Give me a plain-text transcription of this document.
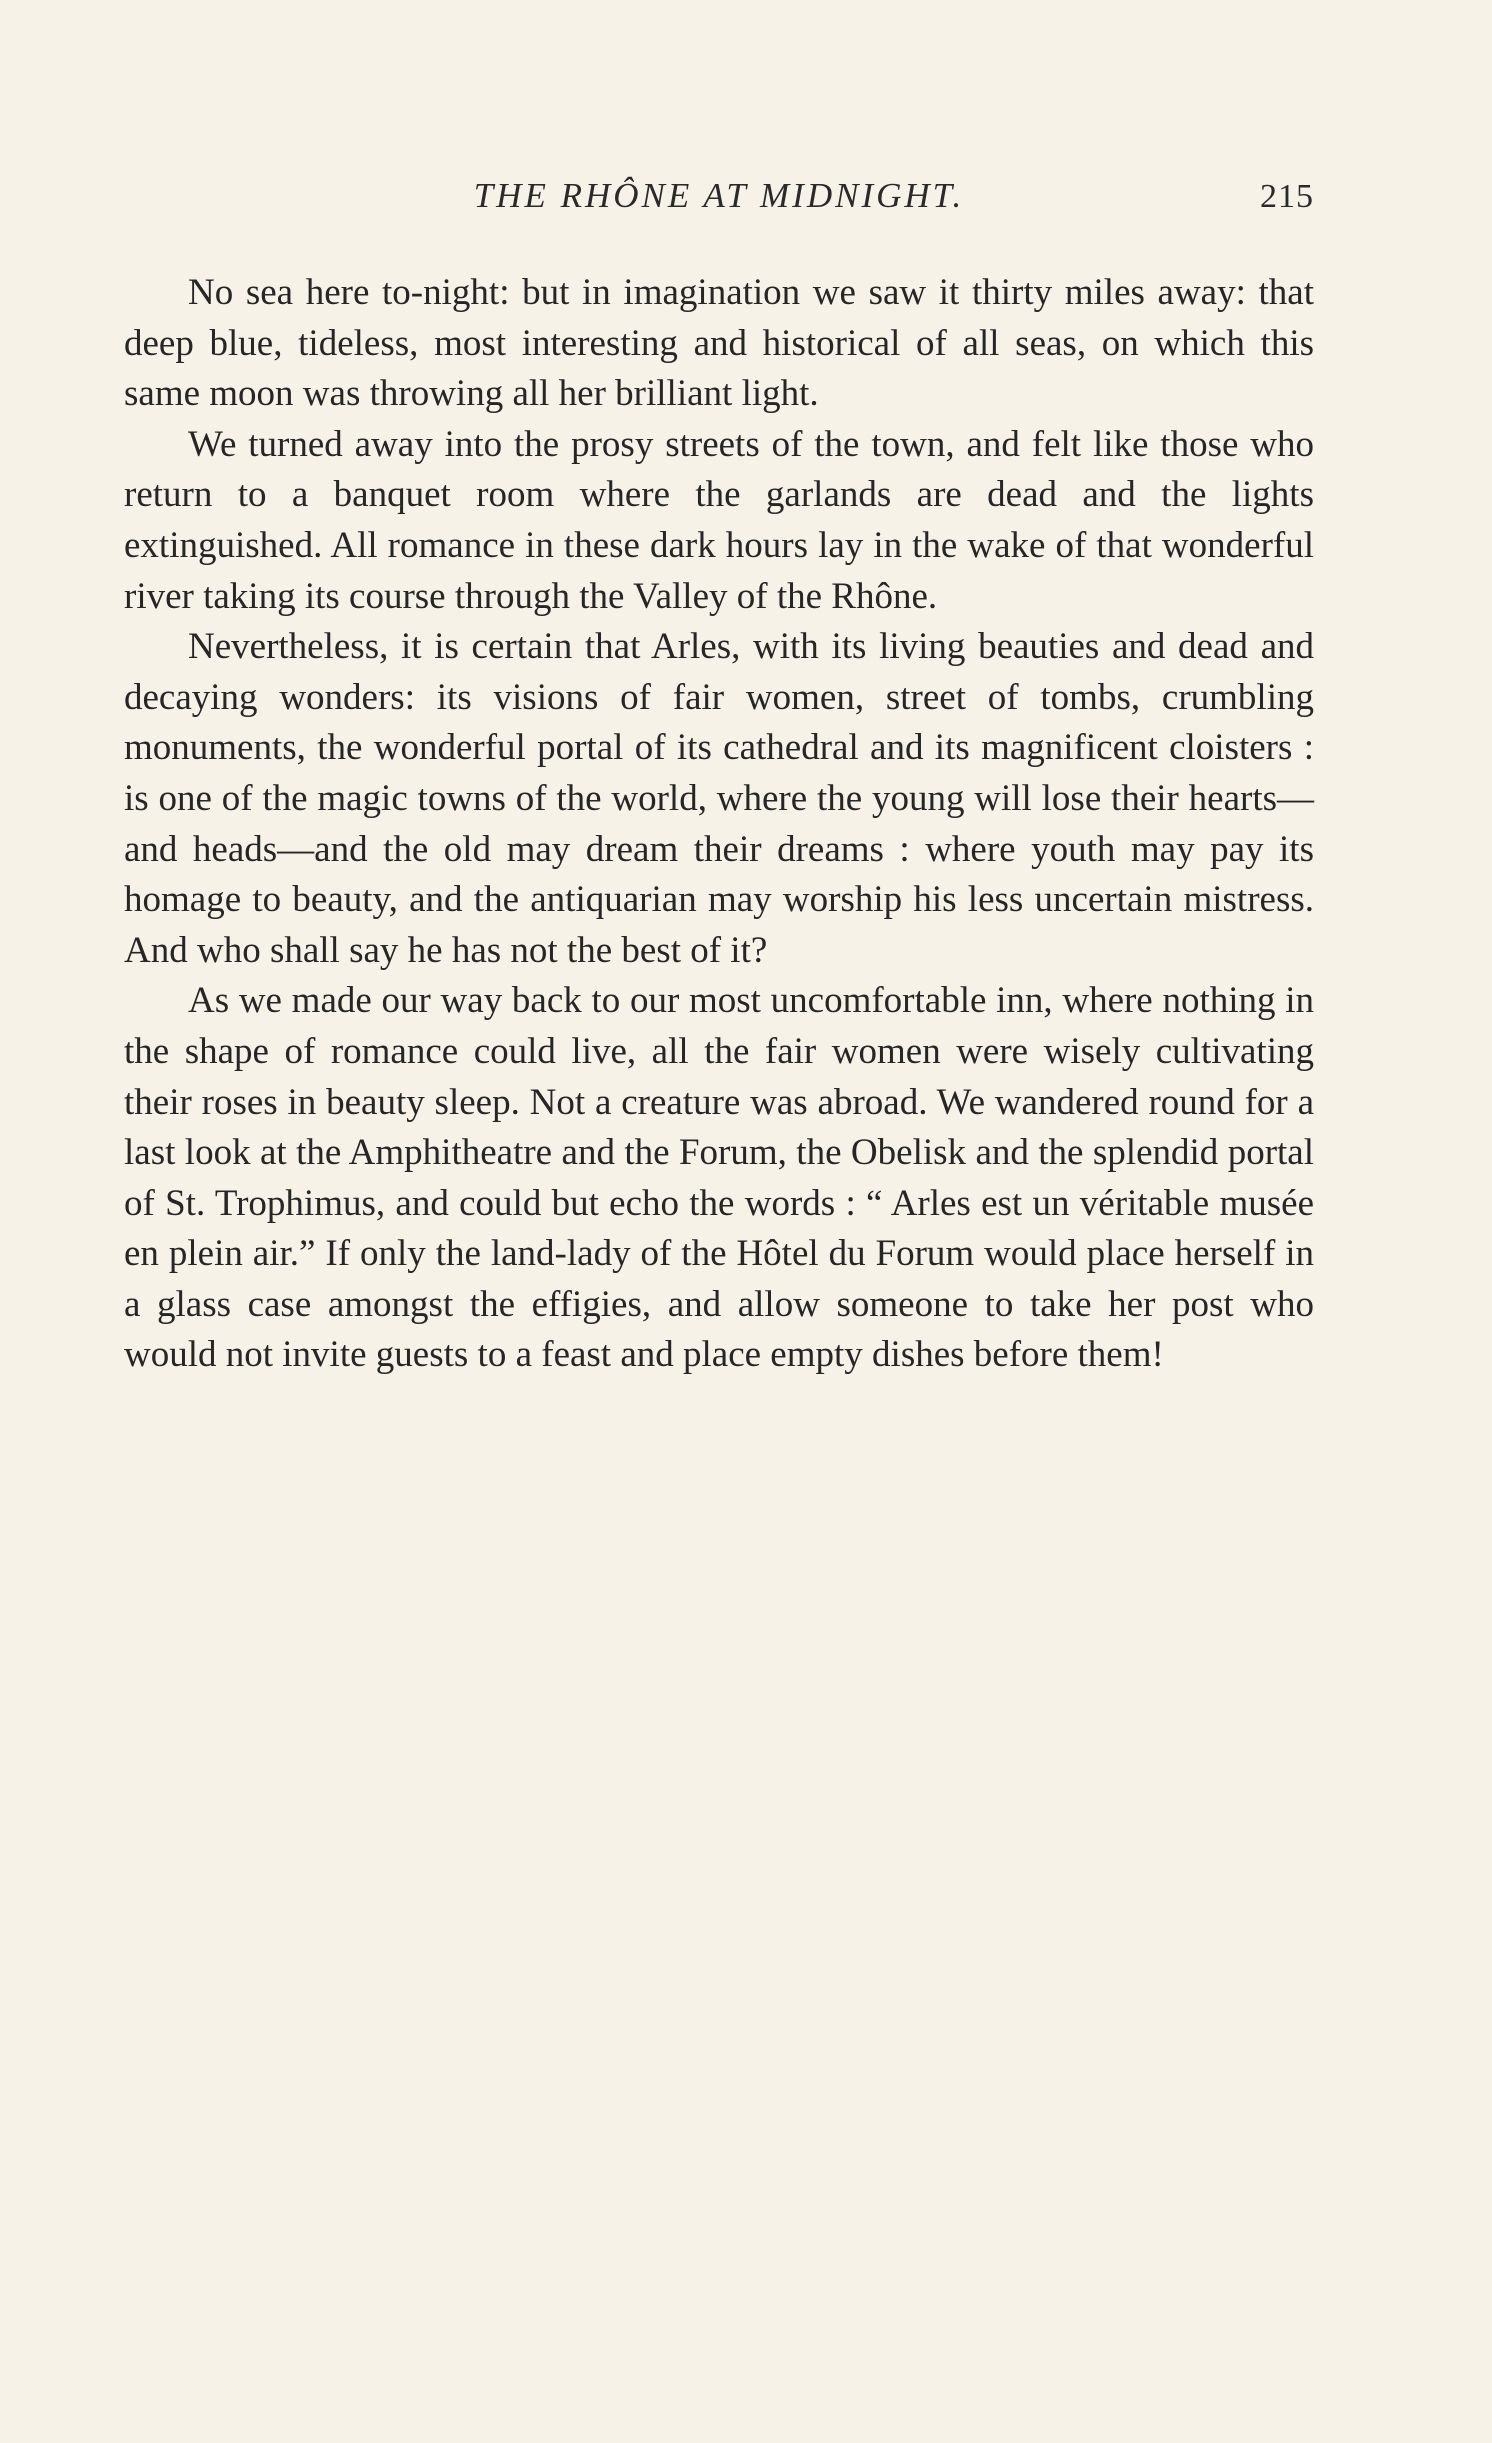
THE RHÔNE AT MIDNIGHT.	215

No sea here to-night: but in imagination we saw it thirty miles away: that deep blue, tideless, most interesting and historical of all seas, on which this same moon was throwing all her brilliant light.

We turned away into the prosy streets of the town, and felt like those who return to a banquet room where the garlands are dead and the lights extinguished. All romance in these dark hours lay in the wake of that wonderful river taking its course through the Valley of the Rhône.

Nevertheless, it is certain that Arles, with its living beauties and dead and decaying wonders: its visions of fair women, street of tombs, crumbling monuments, the wonderful portal of its cathedral and its magnificent cloisters : is one of the magic towns of the world, where the young will lose their hearts—and heads—and the old may dream their dreams : where youth may pay its homage to beauty, and the antiquarian may worship his less uncertain mistress. And who shall say he has not the best of it?

As we made our way back to our most uncomfortable inn, where nothing in the shape of romance could live, all the fair women were wisely cultivating their roses in beauty sleep. Not a creature was abroad. We wandered round for a last look at the Amphitheatre and the Forum, the Obelisk and the splendid portal of St. Trophimus, and could but echo the words : “ Arles est un véritable musée en plein air.” If only the land-lady of the Hôtel du Forum would place herself in a glass case amongst the effigies, and allow someone to take her post who would not invite guests to a feast and place empty dishes before them!
